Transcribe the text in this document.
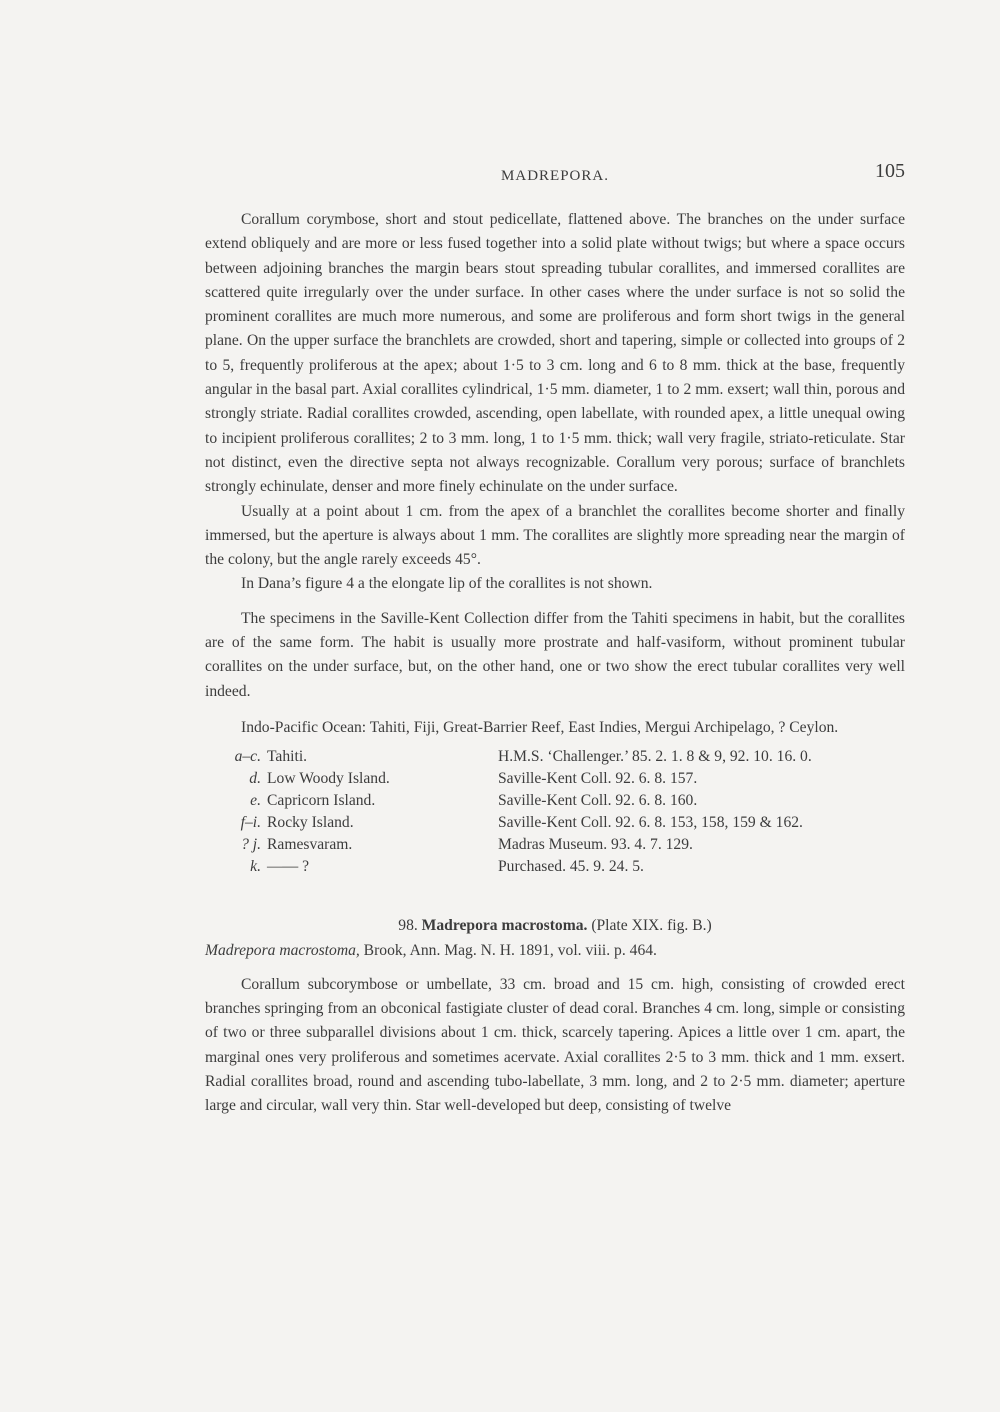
MADREPORA.	105

Corallum corymbose, short and stout pedicellate, flattened above. The branches on the under surface extend obliquely and are more or less fused together into a solid plate without twigs; but where a space occurs between adjoining branches the margin bears stout spreading tubular corallites, and immersed corallites are scattered quite irregularly over the under surface. In other cases where the under surface is not so solid the prominent corallites are much more numerous, and some are proliferous and form short twigs in the general plane. On the upper surface the branchlets are crowded, short and tapering, simple or collected into groups of 2 to 5, frequently proliferous at the apex; about 1·5 to 3 cm. long and 6 to 8 mm. thick at the base, frequently angular in the basal part. Axial corallites cylindrical, 1·5 mm. diameter, 1 to 2 mm. exsert; wall thin, porous and strongly striate. Radial corallites crowded, ascending, open labellate, with rounded apex, a little unequal owing to incipient proliferous corallites; 2 to 3 mm. long, 1 to 1·5 mm. thick; wall very fragile, striato-reticulate. Star not distinct, even the directive septa not always recognizable. Corallum very porous; surface of branchlets strongly echinulate, denser and more finely echinulate on the under surface.

Usually at a point about 1 cm. from the apex of a branchlet the corallites become shorter and finally immersed, but the aperture is always about 1 mm. The corallites are slightly more spreading near the margin of the colony, but the angle rarely exceeds 45°.

In Dana’s figure 4 a the elongate lip of the corallites is not shown.

The specimens in the Saville-Kent Collection differ from the Tahiti specimens in habit, but the corallites are of the same form. The habit is usually more prostrate and half-vasiform, without prominent tubular corallites on the under surface, but, on the other hand, one or two show the erect tubular corallites very well indeed.

Indo-Pacific Ocean: Tahiti, Fiji, Great-Barrier Reef, East Indies, Mergui Archipelago, ? Ceylon.

a–c. Tahiti.
d. Low Woody Island.
e. Capricorn Island.
f–i. Rocky Island.
? j. Ramesvaram.
k. —— ?
H.M.S. ‘Challenger.’ 85. 2. 1. 8 & 9, 92. 10. 16. 0.
Saville-Kent Coll. 92. 6. 8. 157.
Saville-Kent Coll. 92. 6. 8. 160.
Saville-Kent Coll. 92. 6. 8. 153, 158, 159 & 162.
Madras Museum. 93. 4. 7. 129.
Purchased. 45. 9. 24. 5.
98. Madrepora macrostoma. (Plate XIX. fig. B.)

Madrepora macrostoma, Brook, Ann. Mag. N. H. 1891, vol. viii. p. 464.

Corallum subcorymbose or umbellate, 33 cm. broad and 15 cm. high, consisting of crowded erect branches springing from an obconical fastigiate cluster of dead coral. Branches 4 cm. long, simple or consisting of two or three subparallel divisions about 1 cm. thick, scarcely tapering. Apices a little over 1 cm. apart, the marginal ones very proliferous and sometimes acervate. Axial corallites 2·5 to 3 mm. thick and 1 mm. exsert. Radial corallites broad, round and ascending tubo-labellate, 3 mm. long, and 2 to 2·5 mm. diameter; aperture large and circular, wall very thin. Star well-developed but deep, consisting of twelve
